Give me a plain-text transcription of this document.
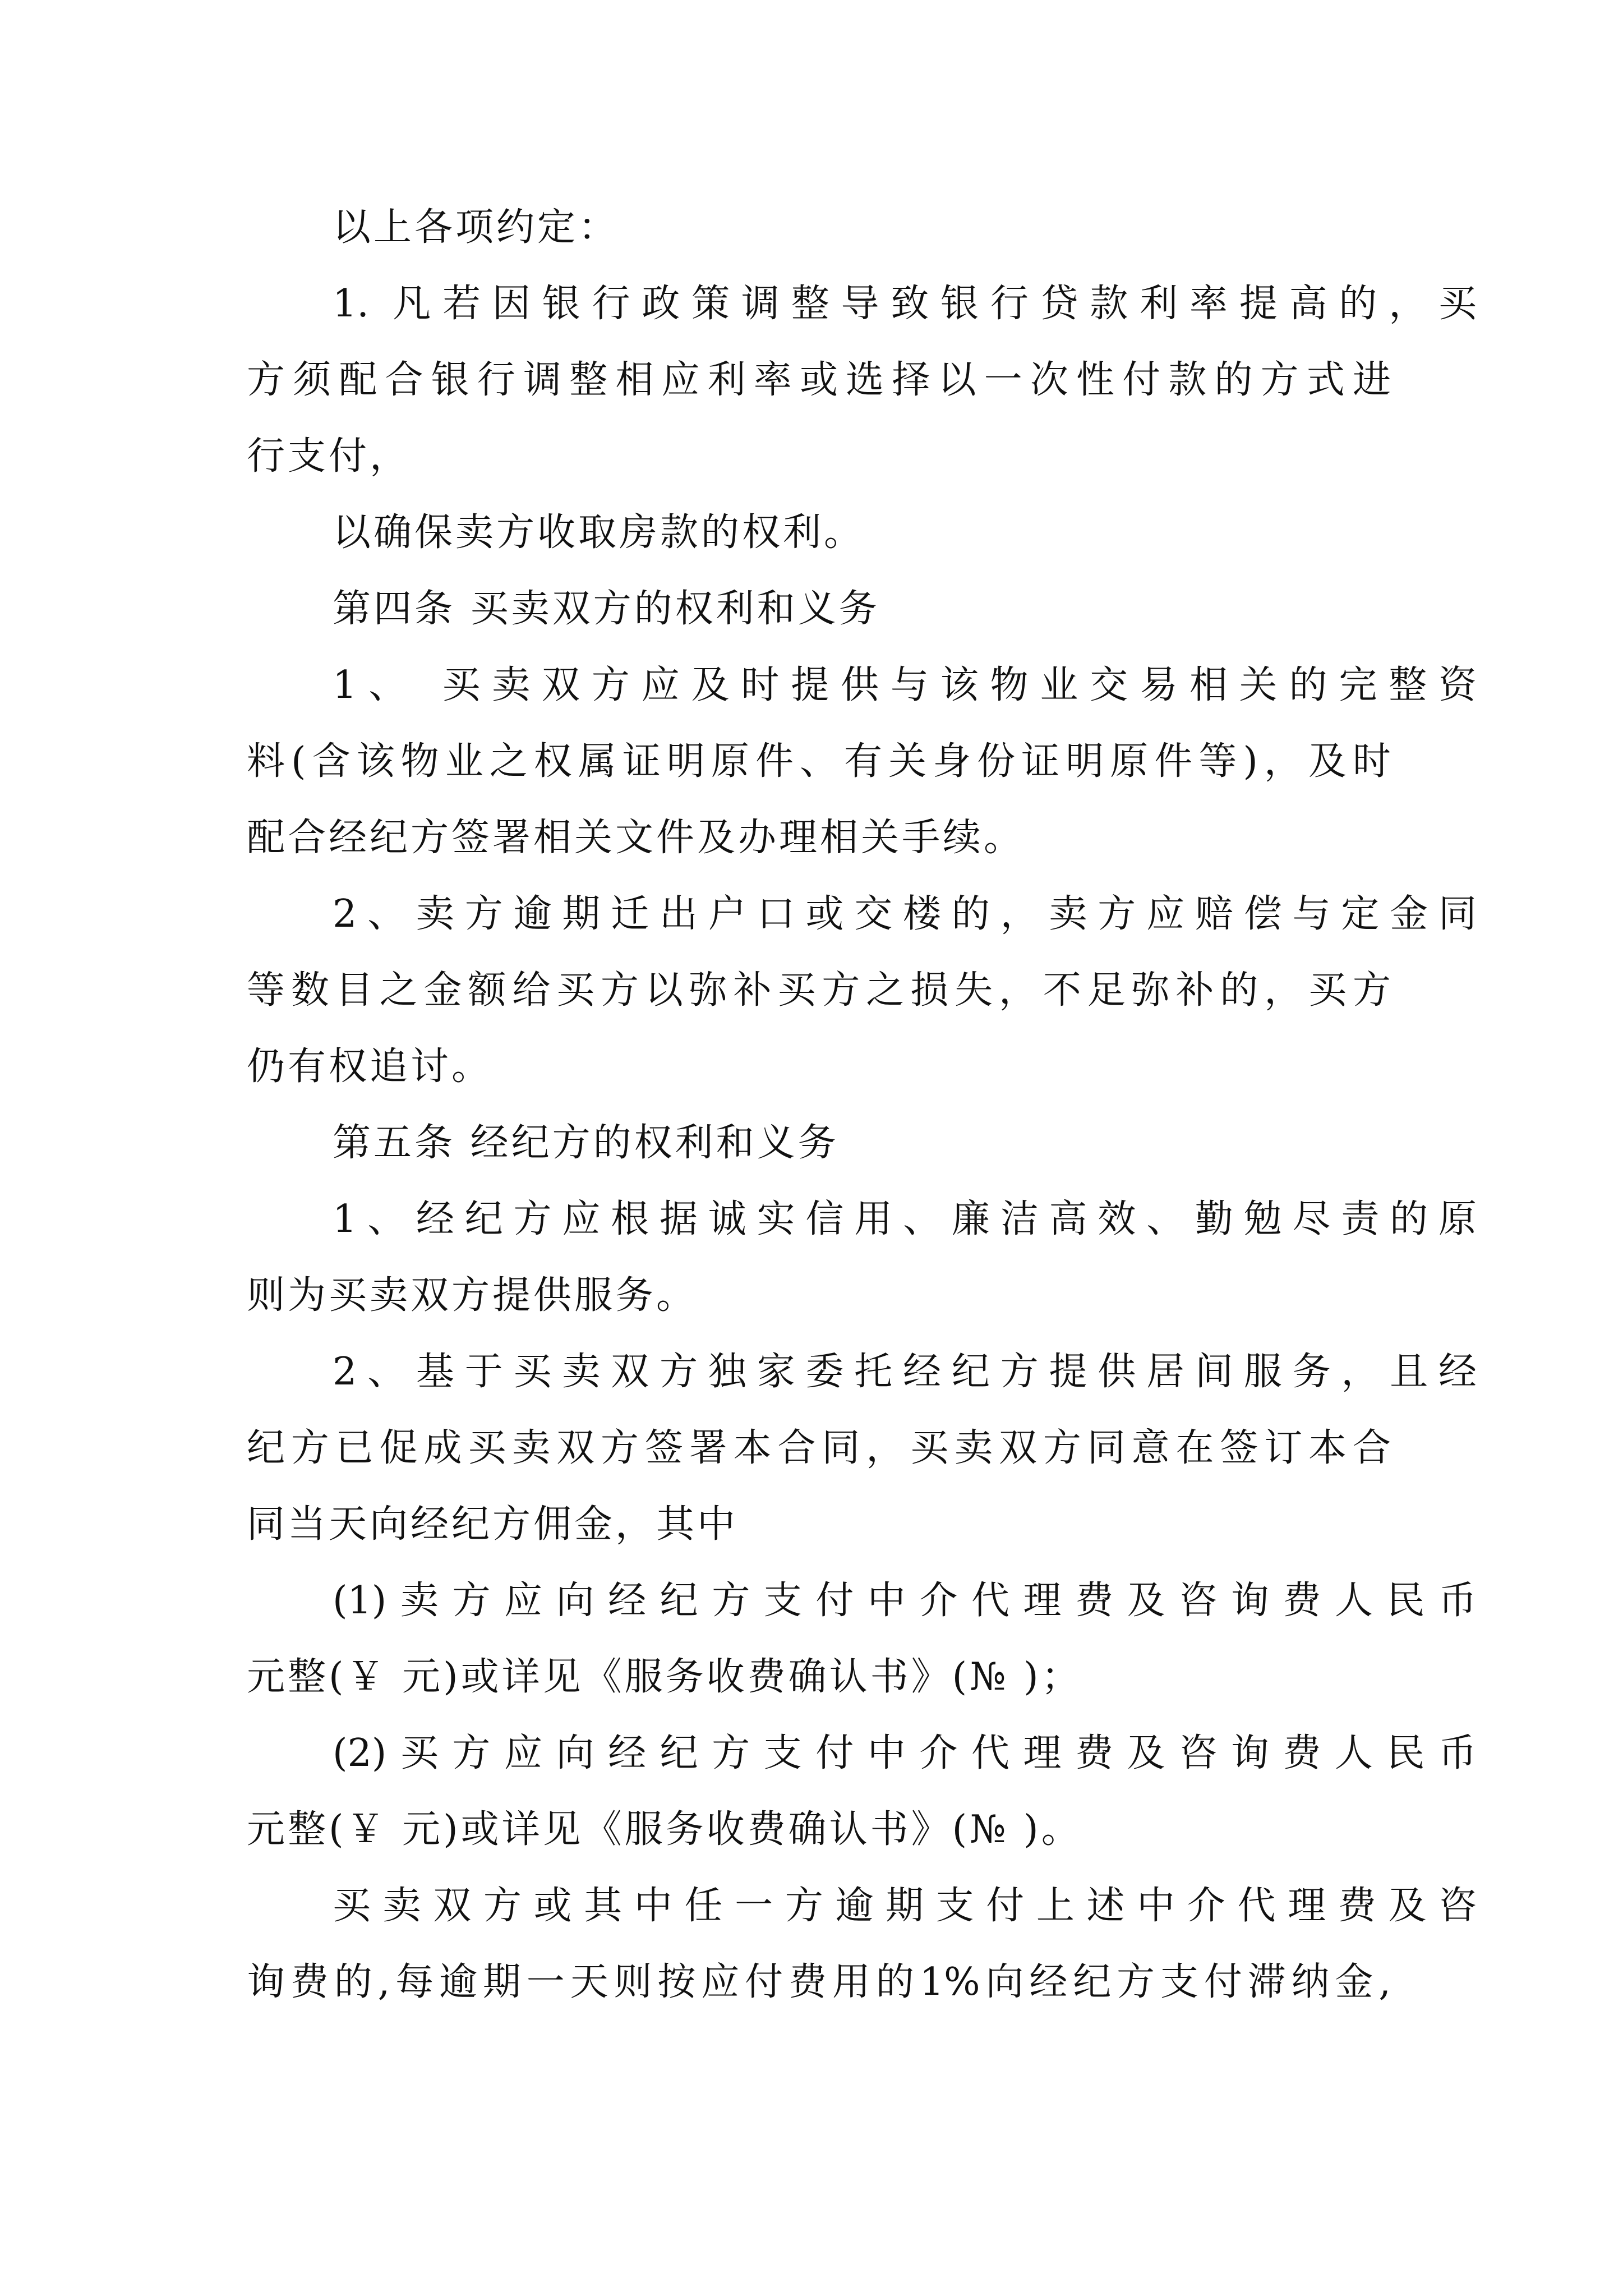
以上各项约定：
1. 凡若因银行政策调整导致银行贷款利率提高的，买
方须配合银行调整相应利率或选择以一次性付款的方式进
行支付，
以确保卖方收取房款的权利。
第四条 买卖双方的权利和义务
1、 买卖双方应及时提供与该物业交易相关的完整资
料(含该物业之权属证明原件、有关身份证明原件等)，及时
配合经纪方签署相关文件及办理相关手续。
2、卖方逾期迁出户口或交楼的，卖方应赔偿与定金同
等数目之金额给买方以弥补买方之损失，不足弥补的，买方
仍有权追讨。
第五条 经纪方的权利和义务
1、经纪方应根据诚实信用、廉洁高效、勤勉尽责的原
则为买卖双方提供服务。
2、基于买卖双方独家委托经纪方提供居间服务，且经
纪方已促成买卖双方签署本合同，买卖双方同意在签订本合
同当天向经纪方佣金，其中
(1)卖方应向经纪方支付中介代理费及咨询费人民币
元整(￥ 元)或详见《服务收费确认书》(№ )；
(2)买方应向经纪方支付中介代理费及咨询费人民币
元整(￥ 元)或详见《服务收费确认书》(№ )。
买卖双方或其中任一方逾期支付上述中介代理费及咨
询费的,每逾期一天则按应付费用的1%向经纪方支付滞纳金,
